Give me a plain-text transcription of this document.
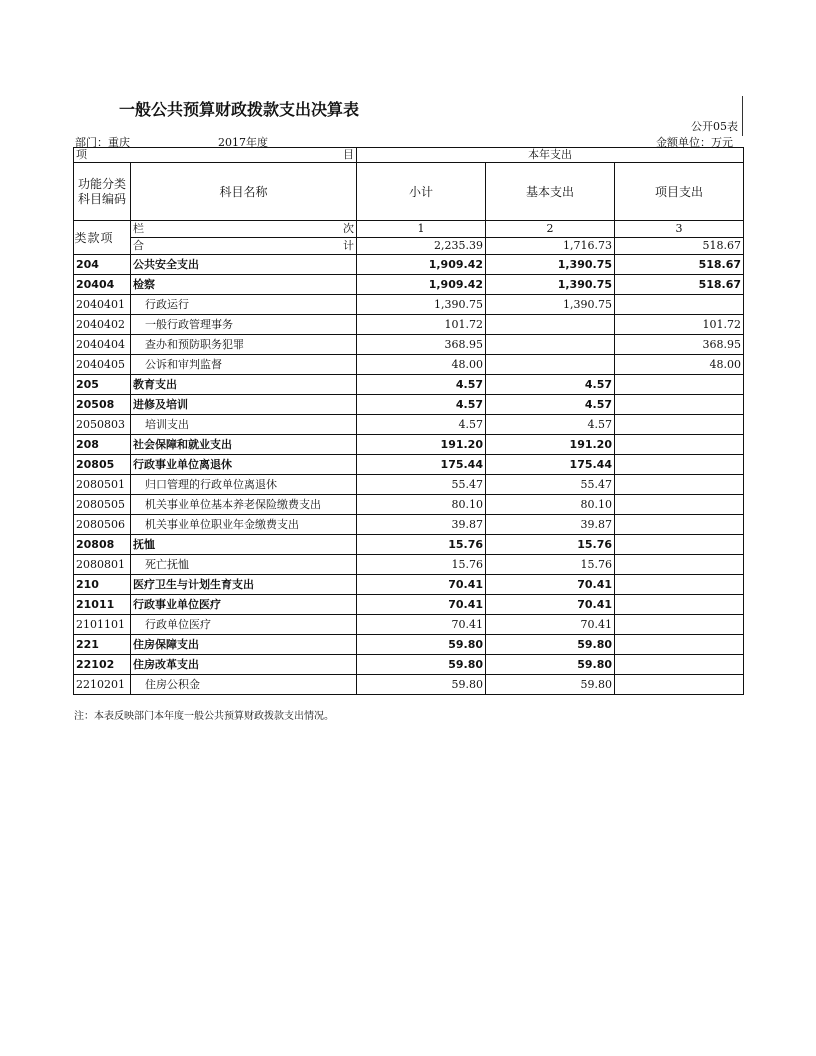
一般公共预算财政拨款支出决算表
公开05表
部门：重庆	2017年度	金额单位：万元
项 目		本年支出		

功能分类
科目编码	科目名称	小计	基本支出	项目支出
类款项	栏 次	1	2	3

	合 计	2,235.39	1,716.73	518.67
204	公共安全支出	1,909.42	1,390.75	518.67
20404	检察	1,909.42	1,390.75	518.67
2040401	行政运行	1,390.75	1,390.75	
2040402	一般行政管理事务	101.72		101.72
2040404	查办和预防职务犯罪	368.95		368.95
2040405	公诉和审判监督	48.00		48.00
205	教育支出	4.57	4.57	
20508	进修及培训	4.57	4.57	
2050803	培训支出	4.57	4.57	
208	社会保障和就业支出	191.20	191.20	
20805	行政事业单位离退休	175.44	175.44	
2080501	归口管理的行政单位离退休	55.47	55.47	
2080505	机关事业单位基本养老保险缴费支出	80.10	80.10	
2080506	机关事业单位职业年金缴费支出	39.87	39.87	
20808	抚恤	15.76	15.76	
2080801	死亡抚恤	15.76	15.76	
210	医疗卫生与计划生育支出	70.41	70.41	
21011	行政事业单位医疗	70.41	70.41	
2101101	行政单位医疗	70.41	70.41	
221	住房保障支出	59.80	59.80	
22102	住房改革支出	59.80	59.80	
2210201	住房公积金	59.80	59.80	
注：本表反映部门本年度一般公共预算财政拨款支出情况。
